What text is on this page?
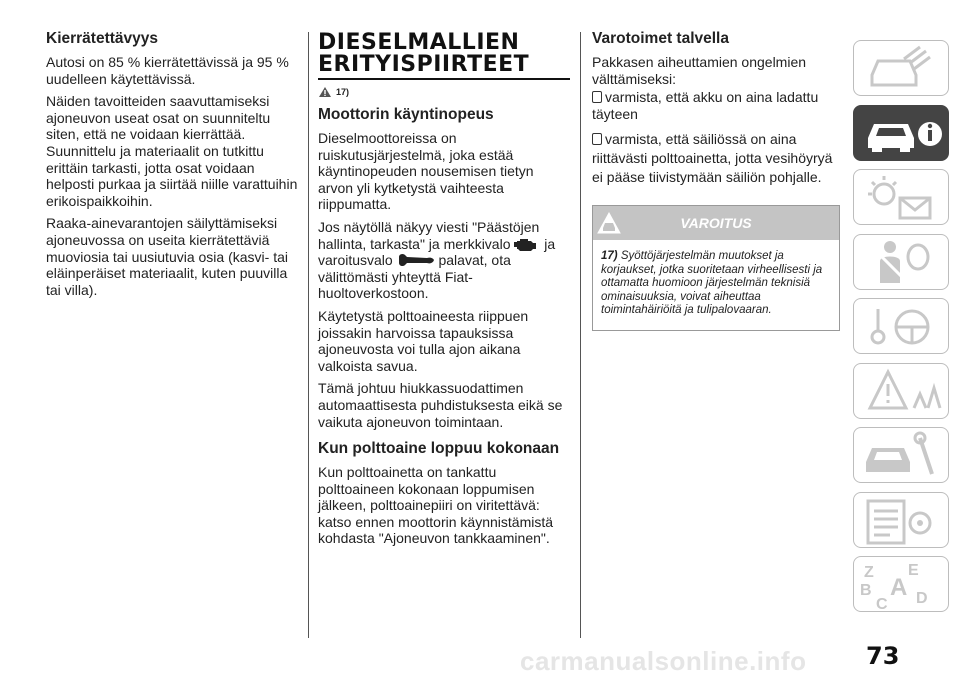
Kierrätettävyys

Autosi on 85 % kierrätettävissä ja 95 % uudelleen käytettävissä.

Näiden tavoitteiden saavuttamiseksi ajoneuvon useat osat on suunniteltu siten, että ne voidaan kierrättää. Suunnittelu ja materiaalit on tutkittu erittäin tarkasti, jotta osat voidaan helposti purkaa ja siirtää niille varattuihin erikoispaikkoihin.

Raaka-ainevarantojen säilyttämiseksi ajoneuvossa on useita kierrätettäviä muoviosia tai uusiutuvia osia (kasvi- tai eläinperäiset materiaalit, kuten puuvilla tai villa).

DIESELMALLIEN
ERITYISPIIRTEET
17)
Moottorin käyntinopeus

Dieselmoottoreissa on ruiskutusjärjestelmä, joka estää käyntinopeuden nousemisen tietyn arvon yli kytketystä vaihteesta riippumatta.

Jos näytöllä näkyy viesti "Päästöjen hallinta, tarkasta" ja merkkivalo ja varoitusvalo	palavat, ota välittömästi yhteyttä Fiat-huoltoverkostoon.

Käytetystä polttoaineesta riippuen joissakin harvoissa tapauksissa ajoneuvosta voi tulla ajon aikana valkoista savua.

Tämä johtuu hiukkassuodattimen automaattisesta puhdistuksesta eikä se vaikuta ajoneuvon toimintaan.

Kun polttoaine loppuu kokonaan

Kun polttoainetta on tankattu polttoaineen kokonaan loppumisen jälkeen, polttoainepiiri on viritettävä: katso ennen moottorin käynnistämistä kohdasta "Ajoneuvon tankkaaminen".

Varotoimet talvella

Pakkasen aiheuttamien ongelmien välttämiseksi:

varmista, että akku on aina ladattu täyteen

varmista, että säiliössä on aina riittävästi polttoainetta, jotta vesihöyryä ei pääse tiivistymään säiliön pohjalle.

VAROITUS
17) Syöttöjärjestelmän muutokset ja korjaukset, jotka suoritetaan virheellisesti ja ottamatta huomioon järjestelmän teknisiä ominaisuuksia, voivat aiheuttaa toimintahäiriöitä ja tulipalovaaran.
Z E
B A
C D
carmanualsonline.info 73
